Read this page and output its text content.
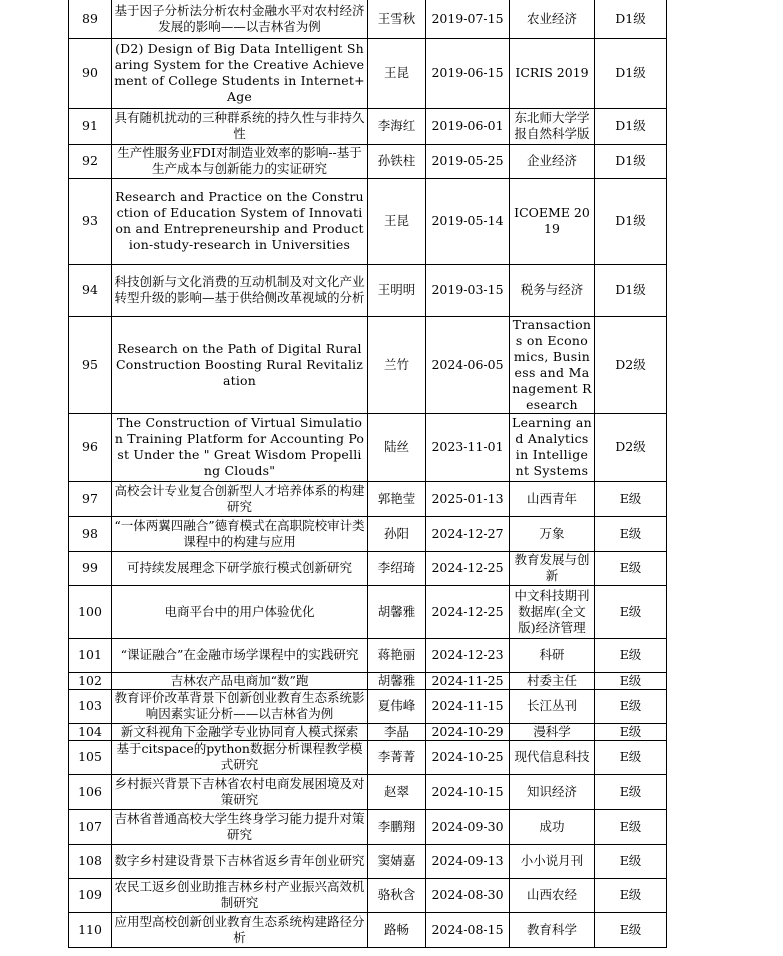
89	基于因子分析法分析农村金融水平对农村经济发展的影响——以吉林省为例	王雪秋	2019-07-15	农业经济	D1级
90	(D2) Design of Big Data Intelligent Sharing System for the Creative Achievement of College Students in Internet+ Age	王昆	2019-06-15	ICRIS 2019	D1级
91	具有随机扰动的三种群系统的持久性与非持久性	李海红	2019-06-01	东北师大学学报自然科学版	D1级
92	生产性服务业FDI对制造业效率的影响--基于生产成本与创新能力的实证研究	孙铁柱	2019-05-25	企业经济	D1级
93	Research and Practice on the Construction of Education System of Innovation and Entrepreneurship and Production-study-research in Universities	王昆	2019-05-14	ICOEME 2019	D1级
94	科技创新与文化消费的互动机制及对文化产业转型升级的影响—基于供给侧改革视域的分析	王明明	2019-03-15	税务与经济	D1级
95	Research on the Path of Digital Rural Construction Boosting Rural Revitalization	兰竹	2024-06-05	Transactions on Economics, Business and Management Research	D2级
96	The Construction of Virtual Simulation Training Platform for Accounting Post Under the " Great Wisdom Propelling Clouds"	陆丝	2023-11-01	Learning and Analytics in Intelligent Systems	D2级
97	高校会计专业复合创新型人才培养体系的构建研究	郭艳莹	2025-01-13	山西青年	E级
98	“一体两翼四融合”德育模式在高职院校审计类课程中的构建与应用	孙阳	2024-12-27	万象	E级
99	可持续发展理念下研学旅行模式创新研究	李绍琦	2024-12-25	教育发展与创新	E级
100	电商平台中的用户体验优化	胡馨雅	2024-12-25	中文科技期刊数据库(全文版)经济管理	E级
101	“课证融合”在金融市场学课程中的实践研究	蒋艳丽	2024-12-23	科研	E级
102	吉林农产品电商加“数”跑	胡馨雅	2024-11-25	村委主任	E级
103	教育评价改革背景下创新创业教育生态系统影响因素实证分析——以吉林省为例	夏伟峰	2024-11-15	长江丛刊	E级
104	新文科视角下金融学专业协同育人模式探索	李晶	2024-10-29	漫科学	E级
105	基于citspace的python数据分析课程教学模式研究	李菁菁	2024-10-25	现代信息科技	E级
106	乡村振兴背景下吉林省农村电商发展困境及对策研究	赵翠	2024-10-15	知识经济	E级
107	吉林省普通高校大学生终身学习能力提升对策研究	李鹏翔	2024-09-30	成功	E级
108	数字乡村建设背景下吉林省返乡青年创业研究	窦婧嘉	2024-09-13	小小说月刊	E级
109	农民工返乡创业助推吉林乡村产业振兴高效机制研究	骆秋含	2024-08-30	山西农经	E级
110	应用型高校创新创业教育生态系统构建路径分析	路畅	2024-08-15	教育科学	E级
